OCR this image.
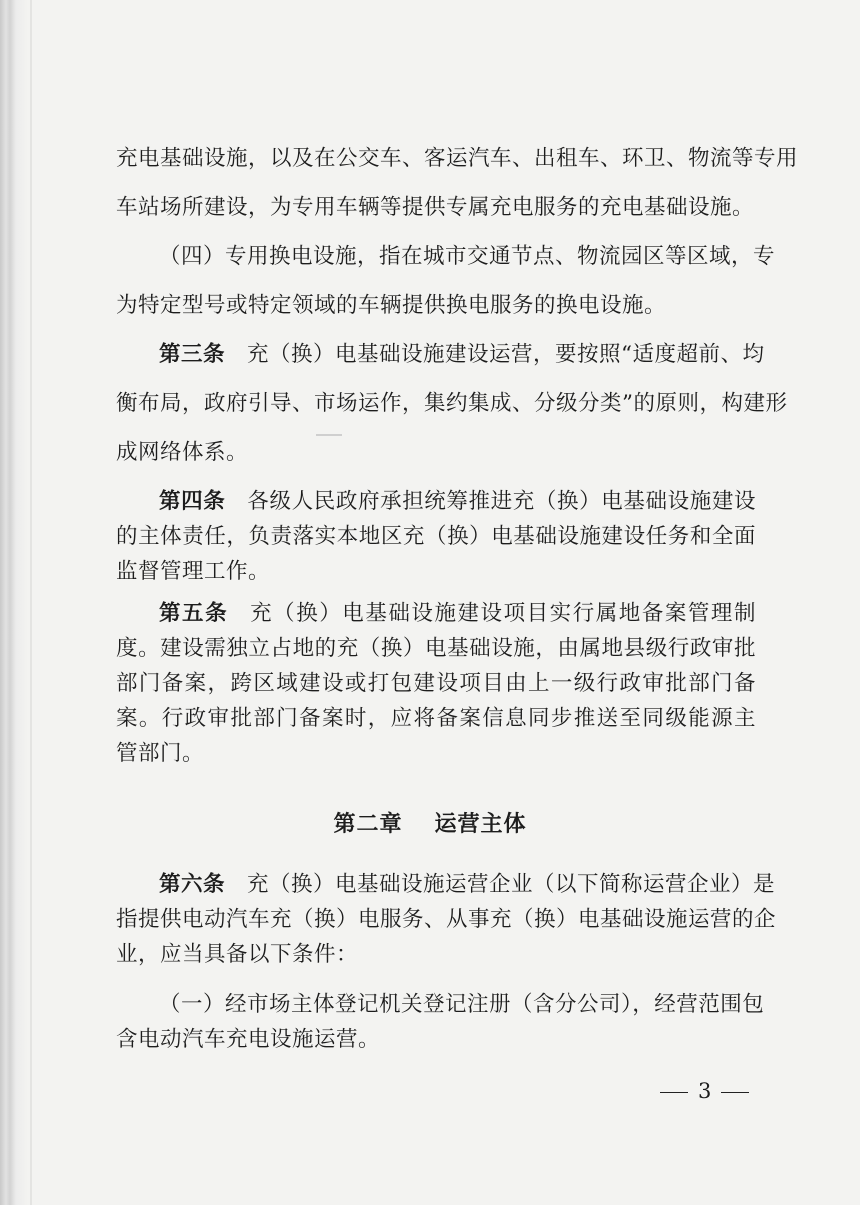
充电基础设施，以及在公交车、客运汽车、出租车、环卫、物流等专用
车站场所建设，为专用车辆等提供专属充电服务的充电基础设施。
（四）专用换电设施，指在城市交通节点、物流园区等区域，专
为特定型号或特定领域的车辆提供换电服务的换电设施。
第三条 充（换）电基础设施建设运营，要按照“适度超前、均
衡布局，政府引导、市场运作，集约集成、分级分类”的原则，构建形
成网络体系。
第四条 各级人民政府承担统筹推进充（换）电基础设施建设
的主体责任，负责落实本地区充（换）电基础设施建设任务和全面
监督管理工作。
第五条 充（换）电基础设施建设项目实行属地备案管理制
度。建设需独立占地的充（换）电基础设施，由属地县级行政审批
部门备案，跨区域建设或打包建设项目由上一级行政审批部门备
案。行政审批部门备案时，应将备案信息同步推送至同级能源主
第二章 运营主体
第六条 充（换）电基础设施运营企业（以下简称运营企业）是
指提供电动汽车充（换）电服务、从事充（换）电基础设施运营的企
业，应当具备以下条件：
（一）经市场主体登记机关登记注册（含分公司），经营范围包
含电动汽车充电设施运营。
3
管部门。
